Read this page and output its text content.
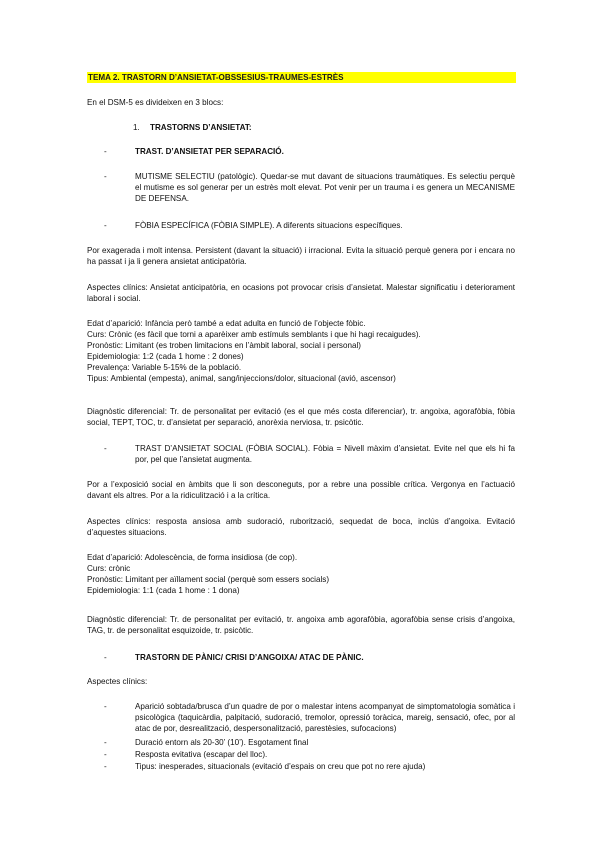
TEMA 2. TRASTORN D’ANSIETAT-OBSSESIUS-TRAUMES-ESTRÈS
En el DSM-5 es divideixen en 3 blocs:
1. TRASTORNS D’ANSIETAT:
-	TRAST. D’ANSIETAT PER SEPARACIÓ.
-	MUTISME SELECTIU (patològic). Quedar-se mut davant de situacions traumàtiques. Es selectiu perquè el mutisme es sol generar per un estrès molt elevat. Pot venir per un trauma i es genera un MECANISME DE DEFENSA.
-	FÒBIA ESPECÍFICA (FÒBIA SIMPLE). A diferents situacions específiques.
Por exagerada i molt intensa. Persistent (davant la situació) i irracional. Evita la situació perquè genera por i encara no ha passat i ja li genera ansietat anticipatòria.
Aspectes clínics: Ansietat anticipatòria, en ocasions pot provocar crisis d’ansietat. Malestar significatiu i deteriorament laboral i social.
Edat d’aparició: Infància però també a edat adulta en funció de l’objecte fòbic.
Curs: Crònic (es fàcil que torni a aparèixer amb estímuls semblants i que hi hagi recaigudes).
Pronòstic: Limitant (es troben limitacions en l’àmbit laboral, social i personal)
Epidemiologia: 1:2 (cada 1 home : 2 dones)
Prevalença: Variable 5-15% de la població.
Tipus: Ambiental (empesta), animal, sang/injeccions/dolor, situacional (avió, ascensor)
Diagnòstic diferencial: Tr. de personalitat per evitació (es el que més costa diferenciar), tr. angoixa, agorafòbia, fòbia social, TEPT, TOC, tr. d’ansietat per separació, anorèxia nerviosa, tr. psicòtic.
-	TRAST D’ANSIETAT SOCIAL (FÒBIA SOCIAL). Fòbia = Nivell màxim d’ansietat. Evite nel que els hi fa por, pel que l’ansietat augmenta.
Por a l’exposició social en àmbits que li son desconeguts, por a rebre una possible crítica. Vergonya en l’actuació davant els altres. Por a la ridiculització i a la crítica.
Aspectes clínics: resposta ansiosa amb sudoració, ruborització, sequedat de boca, inclús d’angoixa. Evitació d’aquestes situacions.
Edat d’aparició: Adolescència, de forma insidiosa (de cop).
Curs: crònic
Pronòstic: Limitant per aïllament social (perquè som essers socials)
Epidemiologia: 1:1 (cada 1 home : 1 dona)
Diagnòstic diferencial: Tr. de personalitat per evitació, tr. angoixa amb agorafòbia, agorafòbia sense crisis d’angoixa, TAG, tr. de personalitat esquizoide, tr. psicòtic.
-	TRASTORN DE PÀNIC/ CRISI D’ANGOIXA/ ATAC DE PÀNIC.
Aspectes clínics:
-	Aparició sobtada/brusca d’un quadre de por o malestar intens acompanyat de simptomatologia somàtica i psicològica (taquicàrdia, palpitació, sudoració, tremolor, opressió toràcica, mareig, sensació, ofec, por al atac de por, desrealització, despersonalització, parestèsies, sufocacions)
-	Duració entorn als 20-30’ (10’). Esgotament final
-	Resposta evitativa (escapar del lloc).
-	Tipus: inesperades, situacionals (evitació d’espais on creu que pot no rere ajuda)
